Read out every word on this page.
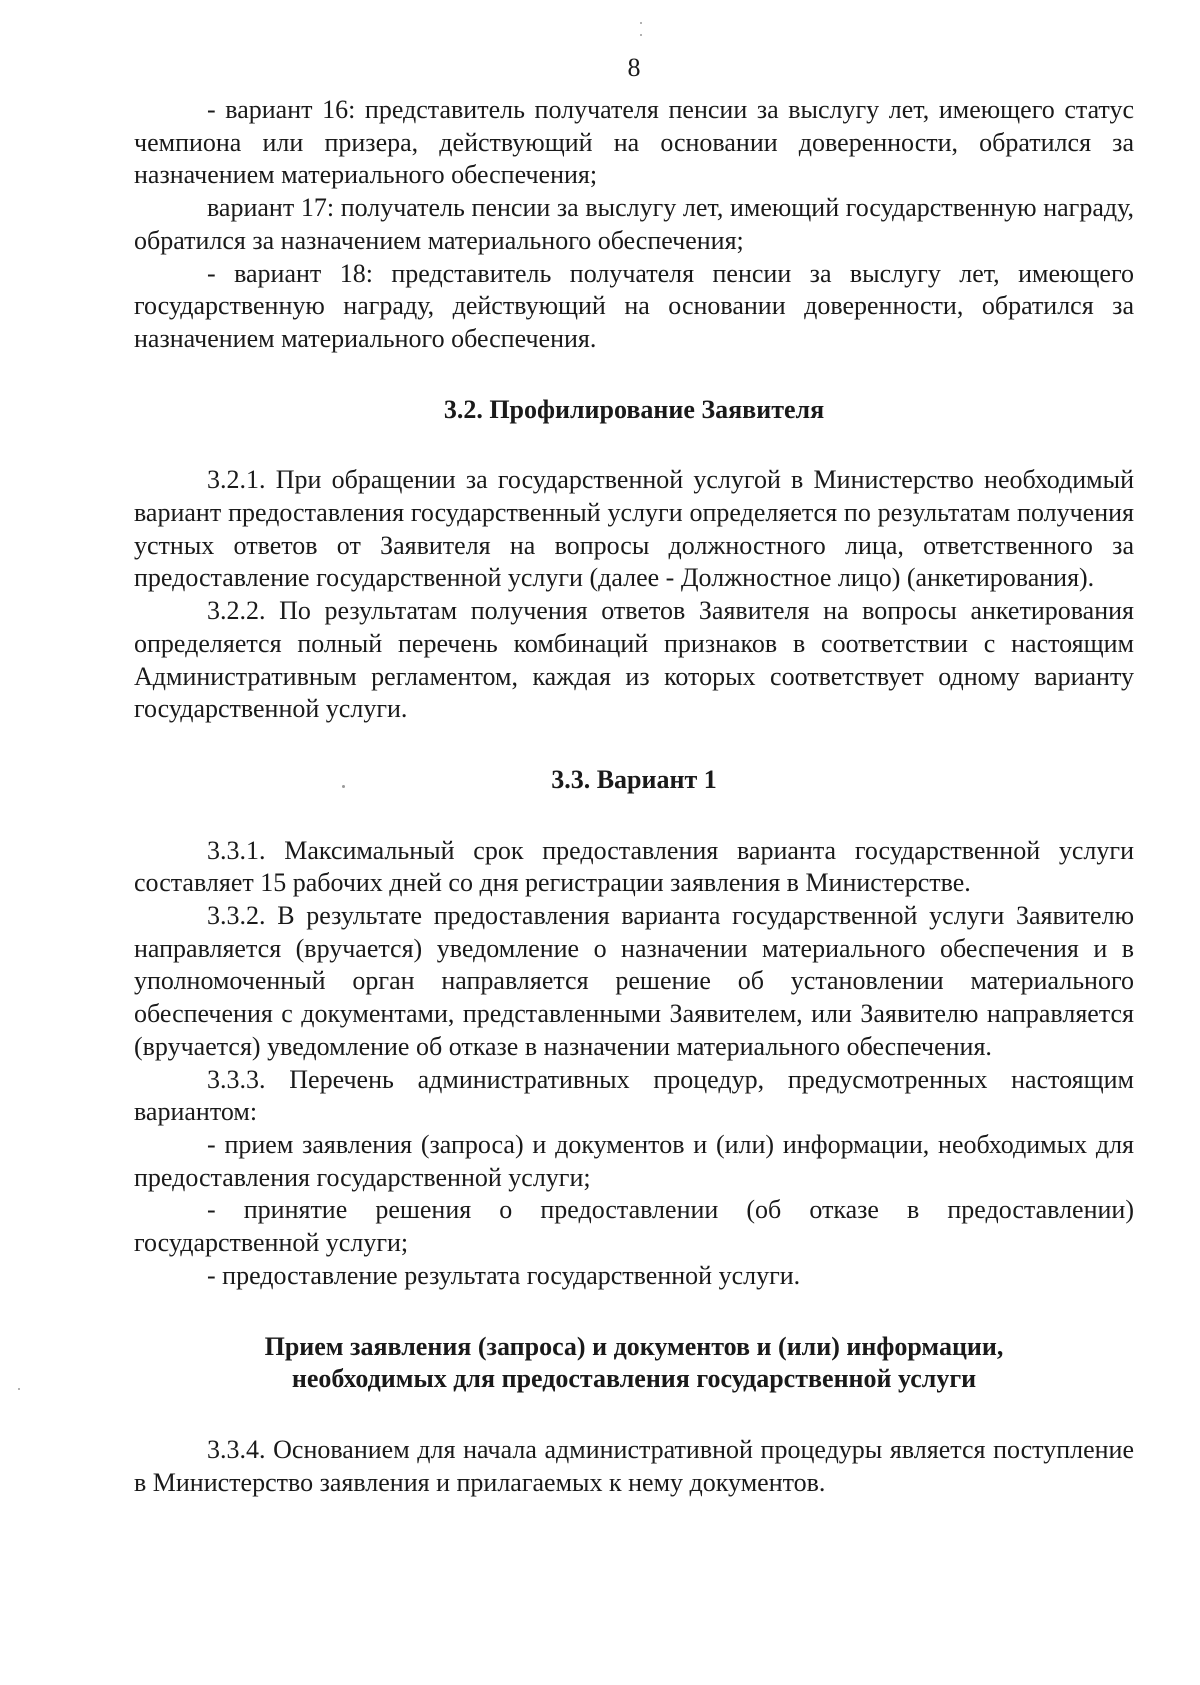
8

- вариант 16: представитель получателя пенсии за выслугу лет, имеющего статус чемпиона или призера, действующий на основании доверенности, обратился за назначением материального обеспечения;

вариант 17: получатель пенсии за выслугу лет, имеющий государственную награду, обратился за назначением материального обеспечения;

- вариант 18: представитель получателя пенсии за выслугу лет, имеющего государственную награду, действующий на основании доверенности, обратился за назначением материального обеспечения.

3.2. Профилирование Заявителя

3.2.1. При обращении за государственной услугой в Министерство необходимый вариант предоставления государственный услуги определяется по результатам получения устных ответов от Заявителя на вопросы должностного лица, ответственного за предоставление государственной услуги (далее - Должностное лицо) (анкетирования).

3.2.2. По результатам получения ответов Заявителя на вопросы анкетирования определяется полный перечень комбинаций признаков в соответствии с настоящим Административным регламентом, каждая из которых соответствует одному варианту государственной услуги.

3.3. Вариант 1

3.3.1. Максимальный срок предоставления варианта государственной услуги составляет 15 рабочих дней со дня регистрации заявления в Министерстве.

3.3.2. В результате предоставления варианта государственной услуги Заявителю направляется (вручается) уведомление о назначении материального обеспечения и в уполномоченный орган направляется решение об установлении материального обеспечения с документами, представленными Заявителем, или Заявителю направляется (вручается) уведомление об отказе в назначении материального обеспечения.

3.3.3. Перечень административных процедур, предусмотренных настоящим вариантом:

- прием заявления (запроса) и документов и (или) информации, необходимых для предоставления государственной услуги;

- принятие решения о предоставлении (об отказе в предоставлении) государственной услуги;

- предоставление результата государственной услуги.

Прием заявления (запроса) и документов и (или) информации, необходимых для предоставления государственной услуги

3.3.4. Основанием для начала административной процедуры является поступление в Министерство заявления и прилагаемых к нему документов.
